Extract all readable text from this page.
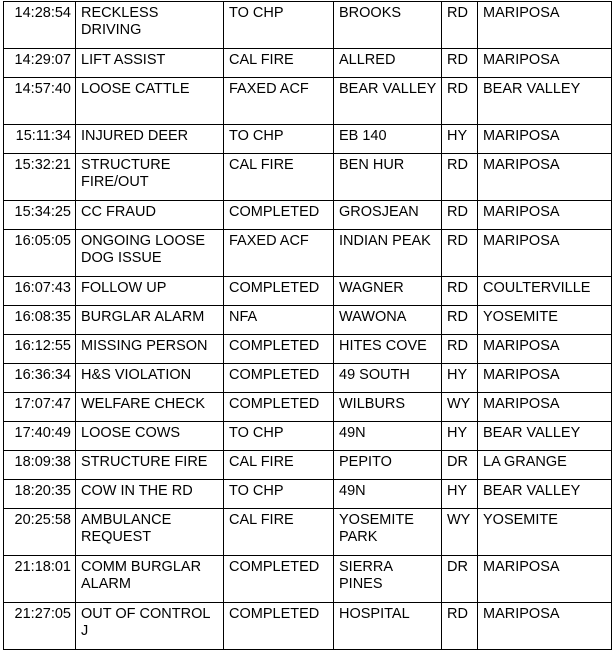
14:28:54	RECKLESS DRIVING	TO CHP	BROOKS	RD	MARIPOSA
14:29:07	LIFT ASSIST	CAL FIRE	ALLRED	RD	MARIPOSA
14:57:40	LOOSE CATTLE	FAXED ACF	BEAR VALLEY	RD	BEAR VALLEY
15:11:34	INJURED DEER	TO CHP	EB 140	HY	MARIPOSA
15:32:21	STRUCTURE FIRE/OUT	CAL FIRE	BEN HUR	RD	MARIPOSA
15:34:25	CC FRAUD	COMPLETED	GROSJEAN	RD	MARIPOSA
16:05:05	ONGOING LOOSE DOG ISSUE	FAXED ACF	INDIAN PEAK	RD	MARIPOSA
16:07:43	FOLLOW UP	COMPLETED	WAGNER	RD	COULTERVILLE
16:08:35	BURGLAR ALARM	NFA	WAWONA	RD	YOSEMITE
16:12:55	MISSING PERSON	COMPLETED	HITES COVE	RD	MARIPOSA
16:36:34	H&S VIOLATION	COMPLETED	49 SOUTH	HY	MARIPOSA
17:07:47	WELFARE CHECK	COMPLETED	WILBURS	WY	MARIPOSA
17:40:49	LOOSE COWS	TO CHP	49N	HY	BEAR VALLEY
18:09:38	STRUCTURE FIRE	CAL FIRE	PEPITO	DR	LA GRANGE
18:20:35	COW IN THE RD	TO CHP	49N	HY	BEAR VALLEY
20:25:58	AMBULANCE REQUEST	CAL FIRE	YOSEMITE PARK	WY	YOSEMITE
21:18:01	COMM BURGLAR ALARM	COMPLETED	SIERRA PINES	DR	MARIPOSA
21:27:05	OUT OF CONTROL J	COMPLETED	HOSPITAL	RD	MARIPOSA
